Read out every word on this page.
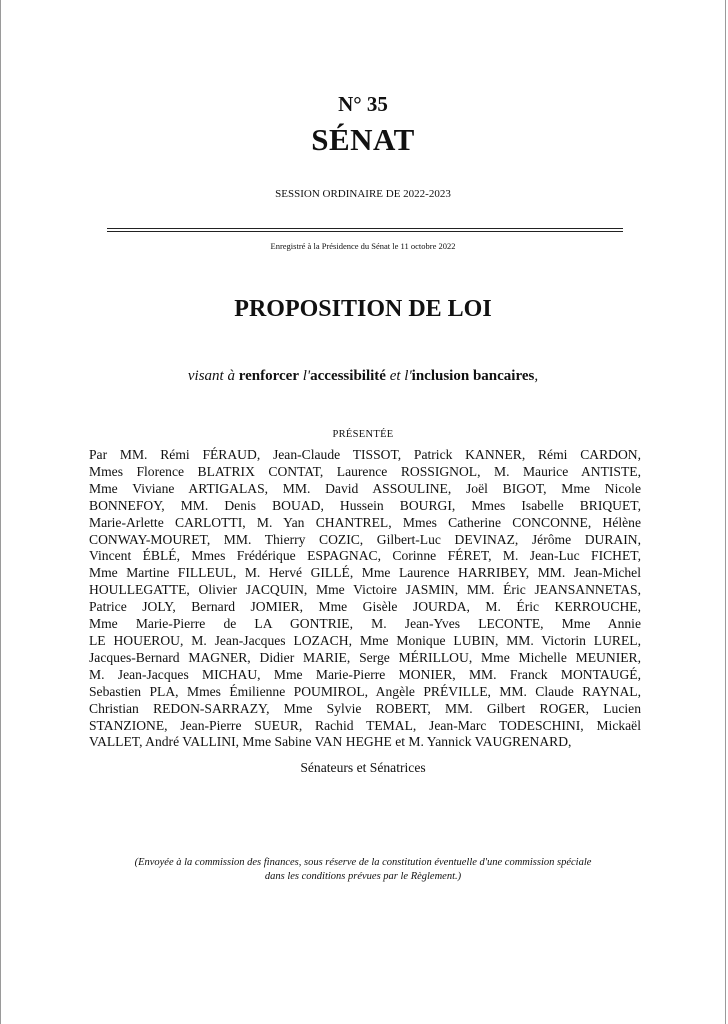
N° 35
SÉNAT
SESSION ORDINAIRE DE 2022-2023
Enregistré à la Présidence du Sénat le 11 octobre 2022
PROPOSITION DE LOI
visant à renforcer l'accessibilité et l'inclusion bancaires,
PRÉSENTÉE
Par MM. Rémi FÉRAUD, Jean-Claude TISSOT, Patrick KANNER, Rémi CARDON,
Mmes Florence BLATRIX CONTAT, Laurence ROSSIGNOL, M. Maurice ANTISTE,
Mme Viviane ARTIGALAS, MM. David ASSOULINE, Joël BIGOT, Mme Nicole
BONNEFOY, MM. Denis BOUAD, Hussein BOURGI, Mmes Isabelle BRIQUET,
Marie-Arlette CARLOTTI, M. Yan CHANTREL, Mmes Catherine CONCONNE, Hélène
CONWAY-MOURET, MM. Thierry COZIC, Gilbert-Luc DEVINAZ, Jérôme DURAIN,
Vincent ÉBLÉ, Mmes Frédérique ESPAGNAC, Corinne FÉRET, M. Jean-Luc FICHET,
Mme Martine FILLEUL, M. Hervé GILLÉ, Mme Laurence HARRIBEY, MM. Jean-Michel
HOULLEGATTE, Olivier JACQUIN, Mme Victoire JASMIN, MM. Éric JEANSANNETAS,
Patrice JOLY, Bernard JOMIER, Mme Gisèle JOURDA, M. Éric KERROUCHE,
Mme Marie-Pierre de LA GONTRIE, M. Jean-Yves LECONTE, Mme Annie
LE HOUEROU, M. Jean-Jacques LOZACH, Mme Monique LUBIN, MM. Victorin LUREL,
Jacques-Bernard MAGNER, Didier MARIE, Serge MÉRILLOU, Mme Michelle MEUNIER,
M. Jean-Jacques MICHAU, Mme Marie-Pierre MONIER, MM. Franck MONTAUGÉ,
Sebastien PLA, Mmes Émilienne POUMIROL, Angèle PRÉVILLE, MM. Claude RAYNAL,
Christian REDON-SARRAZY, Mme Sylvie ROBERT, MM. Gilbert ROGER, Lucien
STANZIONE, Jean-Pierre SUEUR, Rachid TEMAL, Jean-Marc TODESCHINI, Mickaël
VALLET, André VALLINI, Mme Sabine VAN HEGHE et M. Yannick VAUGRENARD,
Sénateurs et Sénatrices
(Envoyée à la commission des finances, sous réserve de la constitution éventuelle d'une commission spéciale
dans les conditions prévues par le Règlement.)
